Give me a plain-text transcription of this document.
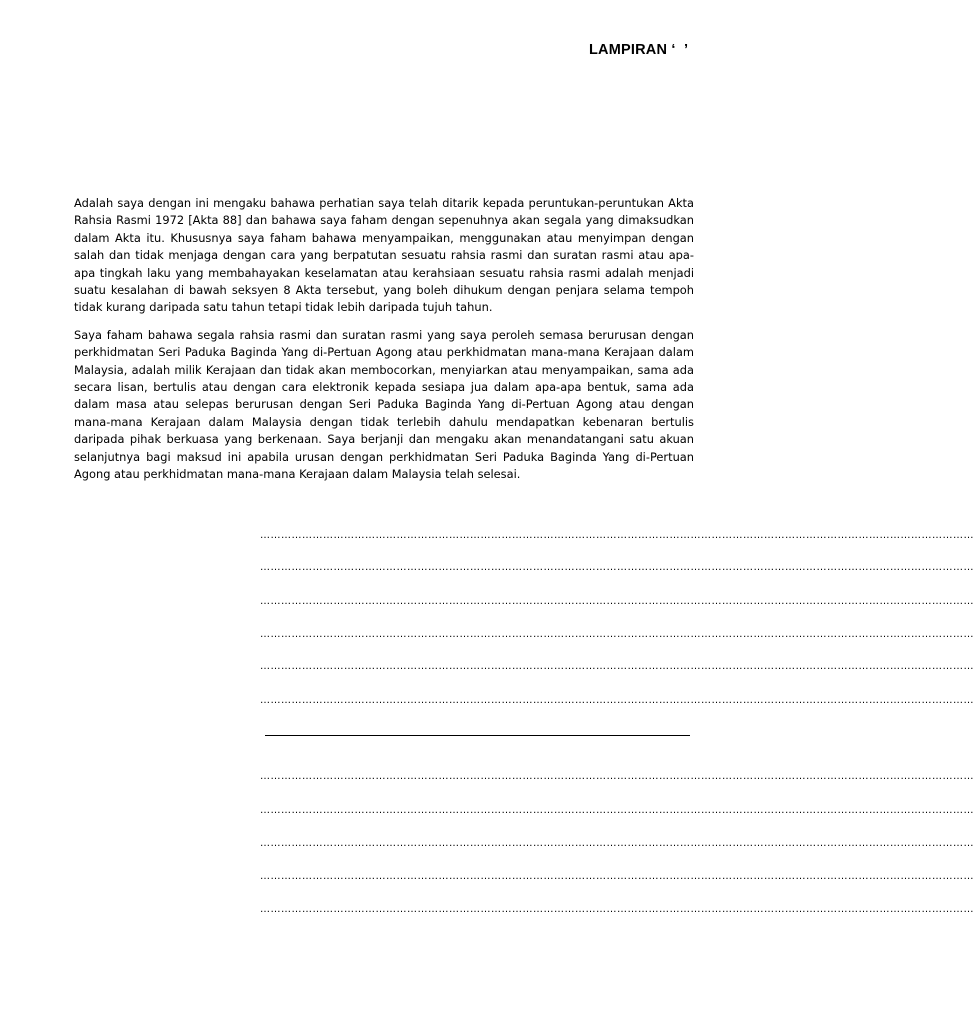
LAMPIRAN ‘  ’

Adalah saya dengan ini mengaku bahawa perhatian saya telah ditarik kepada peruntukan-peruntukan Akta Rahsia Rasmi 1972 [Akta 88] dan bahawa saya faham dengan sepenuhnya akan segala yang dimaksudkan dalam Akta itu. Khususnya saya faham bahawa menyampaikan, menggunakan atau menyimpan dengan salah dan tidak menjaga dengan cara yang berpatutan sesuatu rahsia rasmi dan suratan rasmi atau apa-apa tingkah laku yang membahayakan keselamatan atau kerahsiaan sesuatu rahsia rasmi adalah menjadi suatu kesalahan di bawah seksyen 8 Akta tersebut, yang boleh dihukum dengan penjara selama tempoh tidak kurang daripada satu tahun tetapi tidak lebih daripada tujuh tahun.

Saya faham bahawa segala rahsia rasmi dan suratan rasmi yang saya peroleh semasa berurusan dengan perkhidmatan Seri Paduka Baginda Yang di-Pertuan Agong atau perkhidmatan mana-mana Kerajaan dalam Malaysia, adalah milik Kerajaan dan tidak akan membocorkan, menyiarkan atau menyampaikan, sama ada secara lisan, bertulis atau dengan cara elektronik kepada sesiapa jua dalam apa-apa bentuk, sama ada dalam masa atau selepas berurusan dengan Seri Paduka Baginda Yang di-Pertuan Agong atau dengan mana-mana Kerajaan dalam Malaysia dengan tidak terlebih dahulu mendapatkan kebenaran bertulis daripada pihak berkuasa yang berkenaan. Saya berjanji dan mengaku akan menandatangani satu akuan selanjutnya bagi maksud ini apabila urusan dengan perkhidmatan Seri Paduka Baginda Yang di-Pertuan Agong atau perkhidmatan mana-mana Kerajaan dalam Malaysia telah selesai.

……………………………………………………………………………………………………………………………………………………………………………………
……………………………………………………………………………………………………………………………………………………………………………………
……………………………………………………………………………………………………………………………………………………………………………………
……………………………………………………………………………………………………………………………………………………………………………………
……………………………………………………………………………………………………………………………………………………………………………………
……………………………………………………………………………………………………………………………………………………………………………………
……………………………………………………………………………………………………………………………………………………………………………………
……………………………………………………………………………………………………………………………………………………………………………………
……………………………………………………………………………………………………………………………………………………………………………………
……………………………………………………………………………………………………………………………………………………………………………………
……………………………………………………………………………………………………………………………………………………………………………………
